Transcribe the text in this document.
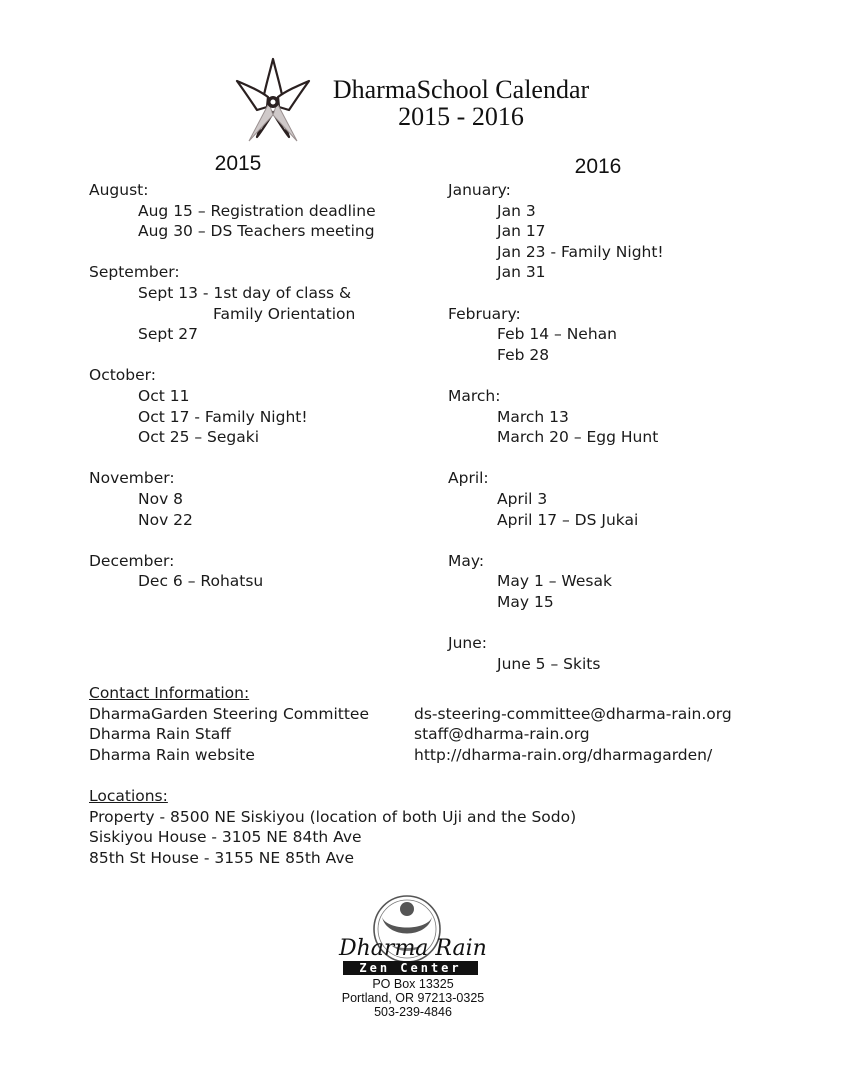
DharmaSchool Calendar
2015 - 2016
2015	2016

August:

Aug 15 – Registration deadline

Aug 30 – DS Teachers meeting

September:

Sept 13 - 1st day of class &

Family Orientation

Sept 27

October:

Oct 11

Oct 17 - Family Night!

Oct 25 – Segaki

November:

Nov 8

Nov 22

December:

Dec 6 – Rohatsu

January:

Jan 3

Jan 17

Jan 23 - Family Night!

Jan 31

February:

Feb 14 – Nehan

Feb 28

March:

March 13

March 20 – Egg Hunt

April:

April 3

April 17 – DS Jukai

May:

May 1 – Wesak

May 15

June:

June 5 – Skits

Contact Information:
DharmaGarden Steering Committee
Dharma Rain Staff
Dharma Rain website
ds-steering-committee@dharma-rain.org
staff@dharma-rain.org
http://dharma-rain.org/dharmagarden/
Locations:
Property - 8500 NE Siskiyou (location of both Uji and the Sodo)
Siskiyou House - 3105 NE 84th Ave
85th St House - 3155 NE 85th Ave
Dharma Rain
Zen Center
PO Box 13325
Portland, OR 97213-0325
503-239-4846
